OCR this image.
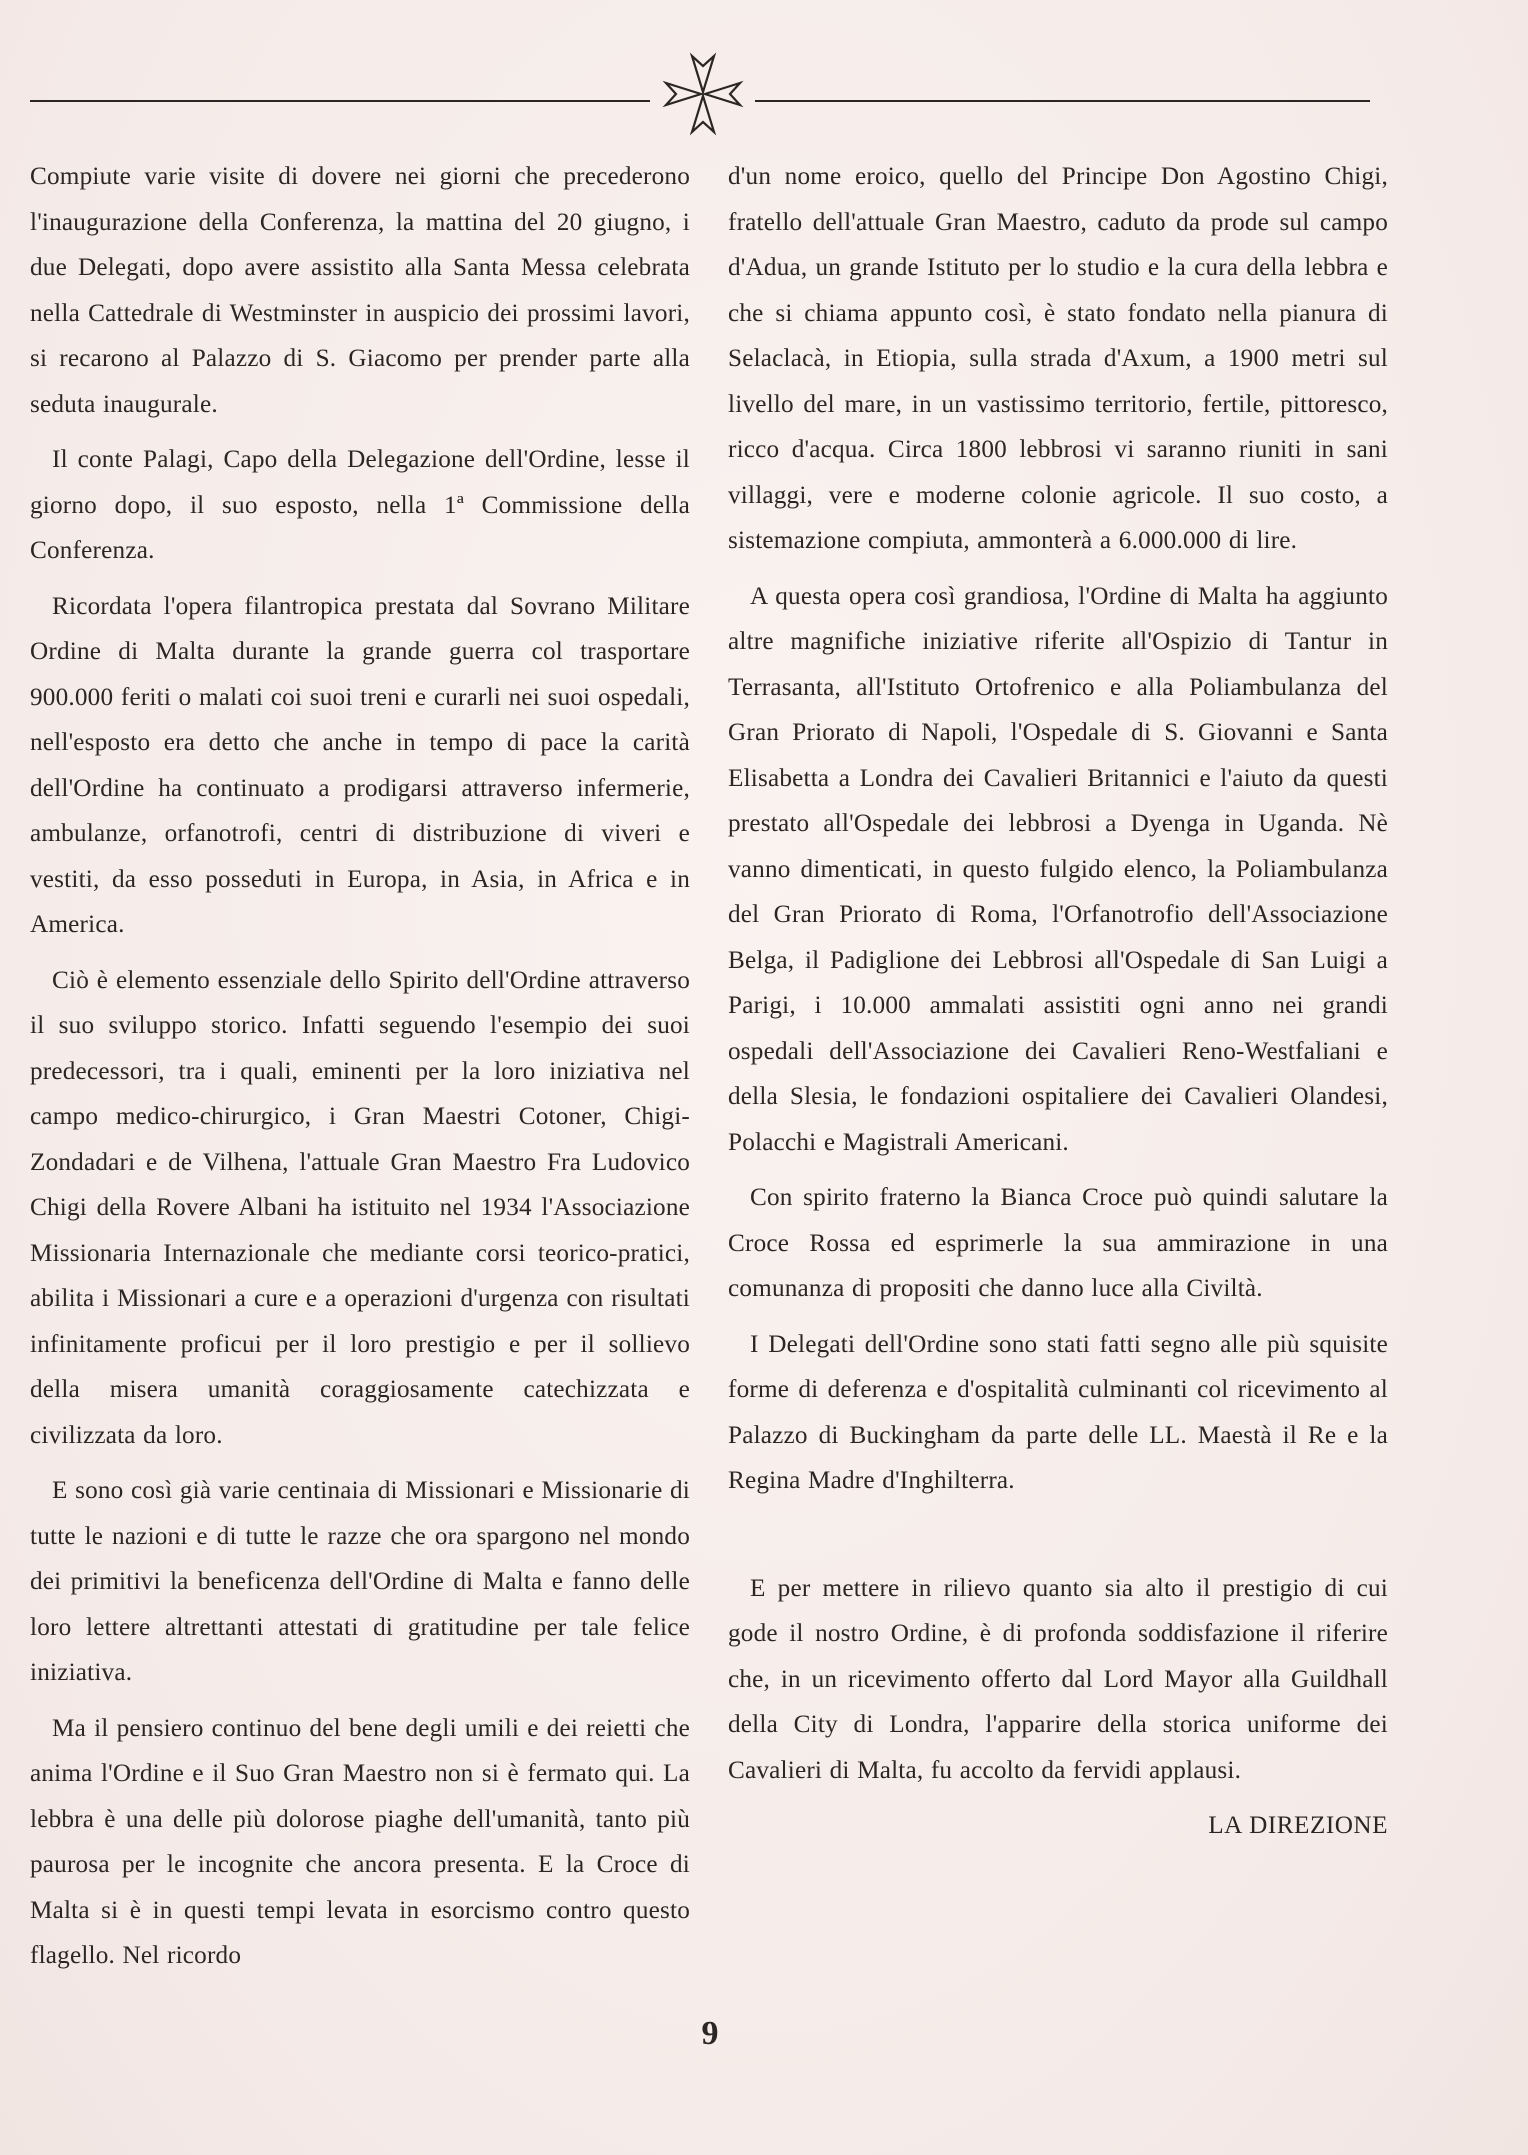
Compiute varie visite di dovere nei giorni che precederono l'inaugurazione della Conferenza, la mattina del 20 giugno, i due Delegati, dopo avere assistito alla Santa Messa celebrata nella Cattedrale di Westminster in auspicio dei prossimi lavori, si recarono al Palazzo di S. Giacomo per prender parte alla seduta inaugurale.

Il conte Palagi, Capo della Delegazione dell'Ordine, lesse il giorno dopo, il suo esposto, nella 1ª Commissione della Conferenza.

Ricordata l'opera filantropica prestata dal Sovrano Militare Ordine di Malta durante la grande guerra col trasportare 900.000 feriti o malati coi suoi treni e curarli nei suoi ospedali, nell'esposto era detto che anche in tempo di pace la carità dell'Ordine ha continuato a prodigarsi attraverso infermerie, ambulanze, orfanotrofi, centri di distribuzione di viveri e vestiti, da esso posseduti in Europa, in Asia, in Africa e in America.

Ciò è elemento essenziale dello Spirito dell'Ordine attraverso il suo sviluppo storico. Infatti seguendo l'esempio dei suoi predecessori, tra i quali, eminenti per la loro iniziativa nel campo medico-chirurgico, i Gran Maestri Cotoner, Chigi-Zondadari e de Vilhena, l'attuale Gran Maestro Fra Ludovico Chigi della Rovere Albani ha istituito nel 1934 l'Associazione Missionaria Internazionale che mediante corsi teorico-pratici, abilita i Missionari a cure e a operazioni d'urgenza con risultati infinitamente proficui per il loro prestigio e per il sollievo della misera umanità coraggiosamente catechizzata e civilizzata da loro.

E sono così già varie centinaia di Missionari e Missionarie di tutte le nazioni e di tutte le razze che ora spargono nel mondo dei primitivi la beneficenza dell'Ordine di Malta e fanno delle loro lettere altrettanti attestati di gratitudine per tale felice iniziativa.

Ma il pensiero continuo del bene degli umili e dei reietti che anima l'Ordine e il Suo Gran Maestro non si è fermato qui. La lebbra è una delle più dolorose piaghe dell'umanità, tanto più paurosa per le incognite che ancora presenta. E la Croce di Malta si è in questi tempi levata in esorcismo contro questo flagello. Nel ricordo

d'un nome eroico, quello del Principe Don Agostino Chigi, fratello dell'attuale Gran Maestro, caduto da prode sul campo d'Adua, un grande Istituto per lo studio e la cura della lebbra e che si chiama appunto così, è stato fondato nella pianura di Selaclacà, in Etiopia, sulla strada d'Axum, a 1900 metri sul livello del mare, in un vastissimo territorio, fertile, pittoresco, ricco d'acqua. Circa 1800 lebbrosi vi saranno riuniti in sani villaggi, vere e moderne colonie agricole. Il suo costo, a sistemazione compiuta, ammonterà a 6.000.000 di lire.

A questa opera così grandiosa, l'Ordine di Malta ha aggiunto altre magnifiche iniziative riferite all'Ospizio di Tantur in Terrasanta, all'Istituto Ortofrenico e alla Poliambulanza del Gran Priorato di Napoli, l'Ospedale di S. Giovanni e Santa Elisabetta a Londra dei Cavalieri Britannici e l'aiuto da questi prestato all'Ospedale dei lebbrosi a Dyenga in Uganda. Nè vanno dimenticati, in questo fulgido elenco, la Poliambulanza del Gran Priorato di Roma, l'Orfanotrofio dell'Associazione Belga, il Padiglione dei Lebbrosi all'Ospedale di San Luigi a Parigi, i 10.000 ammalati assistiti ogni anno nei grandi ospedali dell'Associazione dei Cavalieri Reno-Westfaliani e della Slesia, le fondazioni ospitaliere dei Cavalieri Olandesi, Polacchi e Magistrali Americani.

Con spirito fraterno la Bianca Croce può quindi salutare la Croce Rossa ed esprimerle la sua ammirazione in una comunanza di propositi che danno luce alla Civiltà.

I Delegati dell'Ordine sono stati fatti segno alle più squisite forme di deferenza e d'ospitalità culminanti col ricevimento al Palazzo di Buckingham da parte delle LL. Maestà il Re e la Regina Madre d'Inghilterra.

E per mettere in rilievo quanto sia alto il prestigio di cui gode il nostro Ordine, è di profonda soddisfazione il riferire che, in un ricevimento offerto dal Lord Mayor alla Guildhall della City di Londra, l'apparire della storica uniforme dei Cavalieri di Malta, fu accolto da fervidi applausi.

LA DIREZIONE

9
